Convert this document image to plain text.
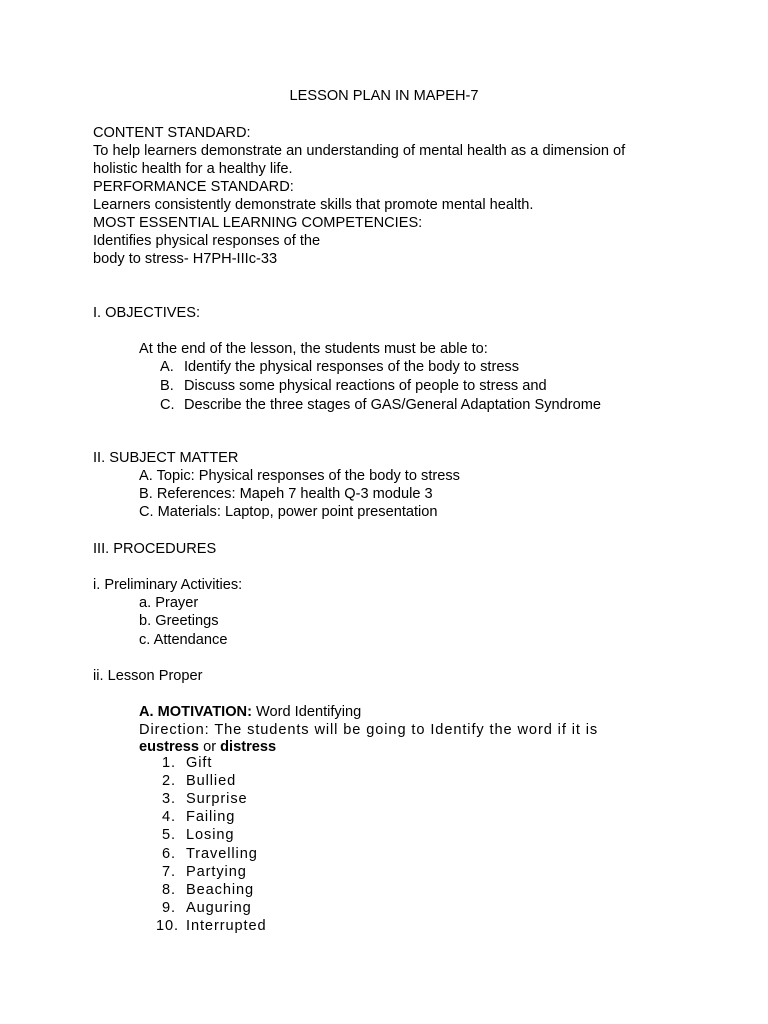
LESSON PLAN IN MAPEH-7
CONTENT STANDARD:
To help learners demonstrate an understanding of mental health as a dimension of
holistic health for a healthy life.
PERFORMANCE STANDARD:
Learners consistently demonstrate skills that promote mental health.
MOST ESSENTIAL LEARNING COMPETENCIES:
Identifies physical responses of the
body to stress- H7PH-IIIc-33
I. OBJECTIVES:
At the end of the lesson, the students must be able to:
A. Identify the physical responses of the body to stress
B. Discuss some physical reactions of people to stress and
C. Describe the three stages of GAS/General Adaptation Syndrome
II. SUBJECT MATTER
A. Topic: Physical responses of the body to stress
B. References: Mapeh 7 health Q-3 module 3
C. Materials: Laptop, power point presentation
III. PROCEDURES
i. Preliminary Activities:
a. Prayer
b. Greetings
c. Attendance
ii. Lesson Proper
A. MOTIVATION: Word Identifying
Direction: The students will be going to Identify the word if it is
eustress or distress
1. Gift
2. Bullied
3. Surprise
4. Failing
5. Losing
6. Travelling
7. Partying
8. Beaching
9. Auguring
10. Interrupted
